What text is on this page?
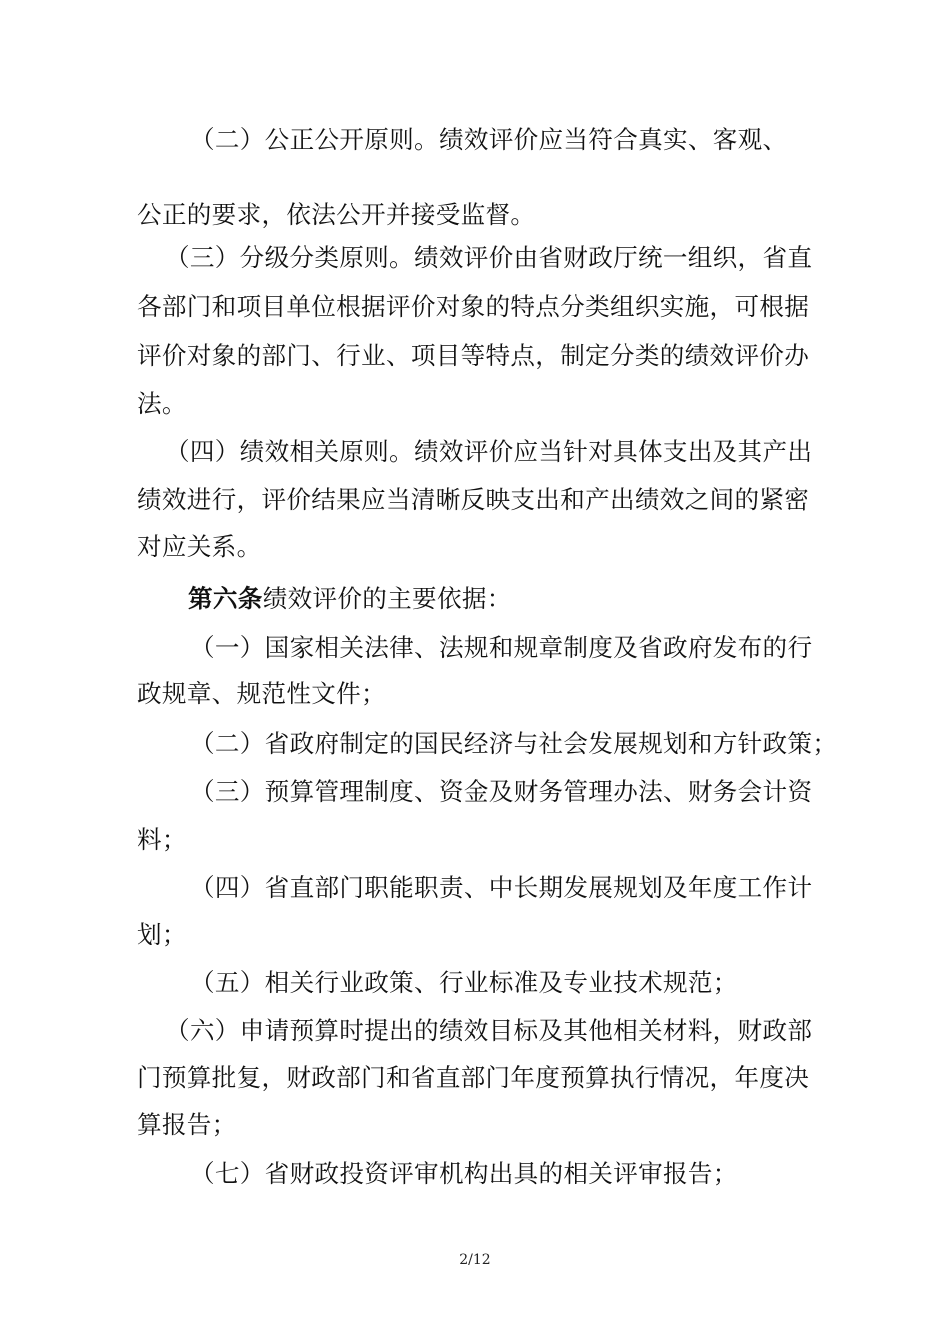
（二）公正公开原则。绩效评价应当符合真实、客观、
公正的要求，依法公开并接受监督。
（三）分级分类原则。绩效评价由省财政厅统一组织，省直
各部门和项目单位根据评价对象的特点分类组织实施，可根据
评价对象的部门、行业、项目等特点，制定分类的绩效评价办
法。
（四）绩效相关原则。绩效评价应当针对具体支出及其产出
绩效进行，评价结果应当清晰反映支出和产出绩效之间的紧密
对应关系。
第六条绩效评价的主要依据：
（一）国家相关法律、法规和规章制度及省政府发布的行
政规章、规范性文件；
（二）省政府制定的国民经济与社会发展规划和方针政策；
（三）预算管理制度、资金及财务管理办法、财务会计资
料；
（四）省直部门职能职责、中长期发展规划及年度工作计
划；
（五）相关行业政策、行业标准及专业技术规范；
（六）申请预算时提出的绩效目标及其他相关材料，财政部
门预算批复，财政部门和省直部门年度预算执行情况，年度决
算报告；
（七）省财政投资评审机构出具的相关评审报告；
2/12
